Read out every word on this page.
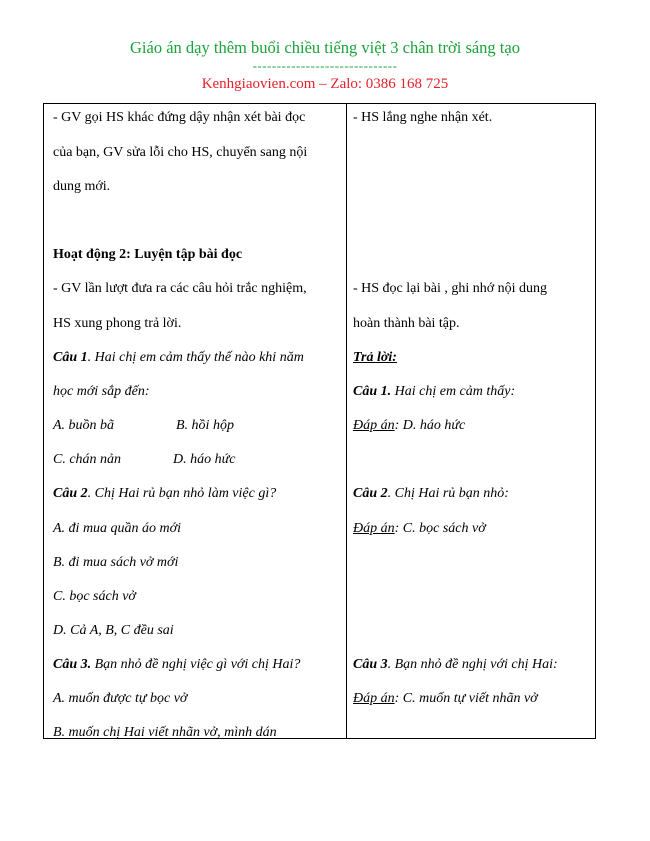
Giáo án dạy thêm buổi chiều tiếng việt 3 chân trời sáng tạo
------------------------------
Kenhgiaovien.com – Zalo: 0386 168 725
- GV gọi HS khác đứng dậy nhận xét bài đọc
của bạn, GV sửa lỗi cho HS, chuyển sang nội
dung mới.
Hoạt động 2: Luyện tập bài đọc
- GV lần lượt đưa ra các câu hỏi trắc nghiệm,
HS xung phong trả lời.
Câu 1. Hai chị em cảm thấy thế nào khi năm
học mới sắp đến:
A. buồn bã	B. hồi hộp
C. chán nản	D. háo hức
Câu 2. Chị Hai rủ bạn nhỏ làm việc gì?
A. đi mua quần áo mới
B. đi mua sách vở mới
C. bọc sách vở
D. Cả A, B, C đều sai
Câu 3. Bạn nhỏ đề nghị việc gì với chị Hai?
A. muốn được tự bọc vở
B. muốn chị Hai viết nhãn vở, mình dán
- HS lắng nghe nhận xét.
- HS đọc lại bài , ghi nhớ nội dung
hoàn thành bài tập.
Trả lời:
Câu 1. Hai chị em cảm thấy:
Đáp án: D. háo hức
Câu 2. Chị Hai rủ bạn nhỏ:
Đáp án: C. bọc sách vở
Câu 3. Bạn nhỏ đề nghị với chị Hai:
Đáp án: C. muốn tự viết nhãn vở
